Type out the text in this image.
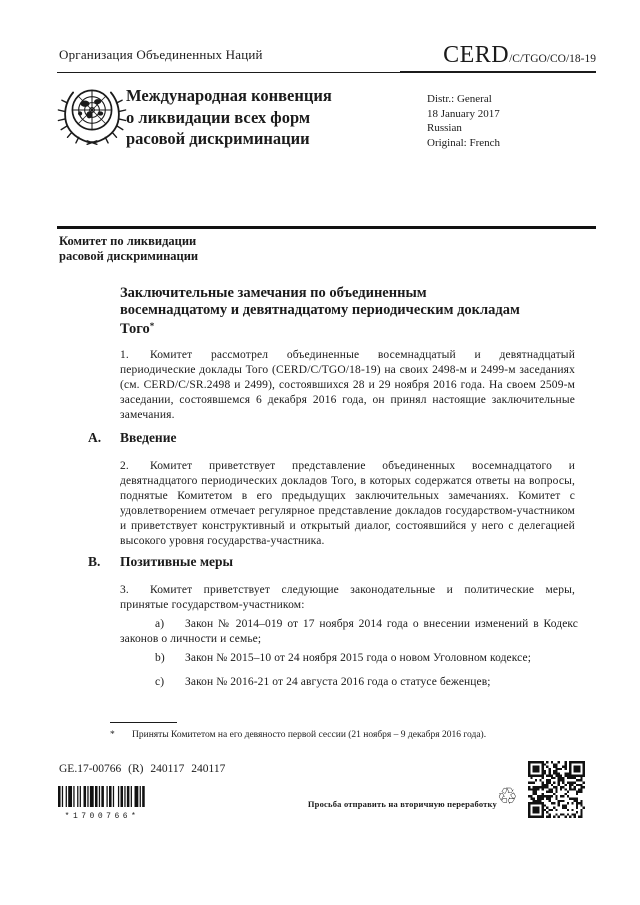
Организация Объединенных Наций	CERD /C/TGO/CO/18-19
Международная конвенция
о ликвидации всех форм
расовой дискриминации
Distr.: General
18 January 2017
Russian
Original: French
Комитет по ликвидации
расовой дискриминации
Заключительные замечания по объединенным восемнадцатому и девятнадцатому периодическим докладам Того*
1. Комитет рассмотрел объединенные восемнадцатый и девятнадцатый периодические доклады Того (CERD/C/TGO/18-19) на своих 2498-м и 2499-м заседаниях (см. CERD/C/SR.2498 и 2499), состоявшихся 28 и 29 ноября 2016 года. На своем 2509-м заседании, состоявшемся 6 декабря 2016 года, он принял настоящие заключительные замечания.
A. Введение
2. Комитет приветствует представление объединенных восемнадцатого и девятнадцатого периодических докладов Того, в которых содержатся ответы на вопросы, поднятые Комитетом в его предыдущих заключительных замечаниях. Комитет с удовлетворением отмечает регулярное представление докладов государством-участником и приветствует конструктивный и открытый диалог, состоявшийся у него с делегацией высокого уровня государства-участника.
B. Позитивные меры
3. Комитет приветствует следующие законодательные и политические меры, принятые государством-участником:
a) Закон № 2014–019 от 17 ноября 2014 года о внесении изменений в Кодекс законов о личности и семье;
b) Закон № 2015–10 от 24 ноября 2015 года о новом Уголовном кодексе;
c) Закон № 2016-21 от 24 августа 2016 года о статусе беженцев;
*	Приняты Комитетом на его девяносто первой сессии (21 ноября – 9 декабря 2016 года).
GE.17-00766 (R) 240117 240117
*1700766*
Просьба отправить на вторичную переработку ♲
